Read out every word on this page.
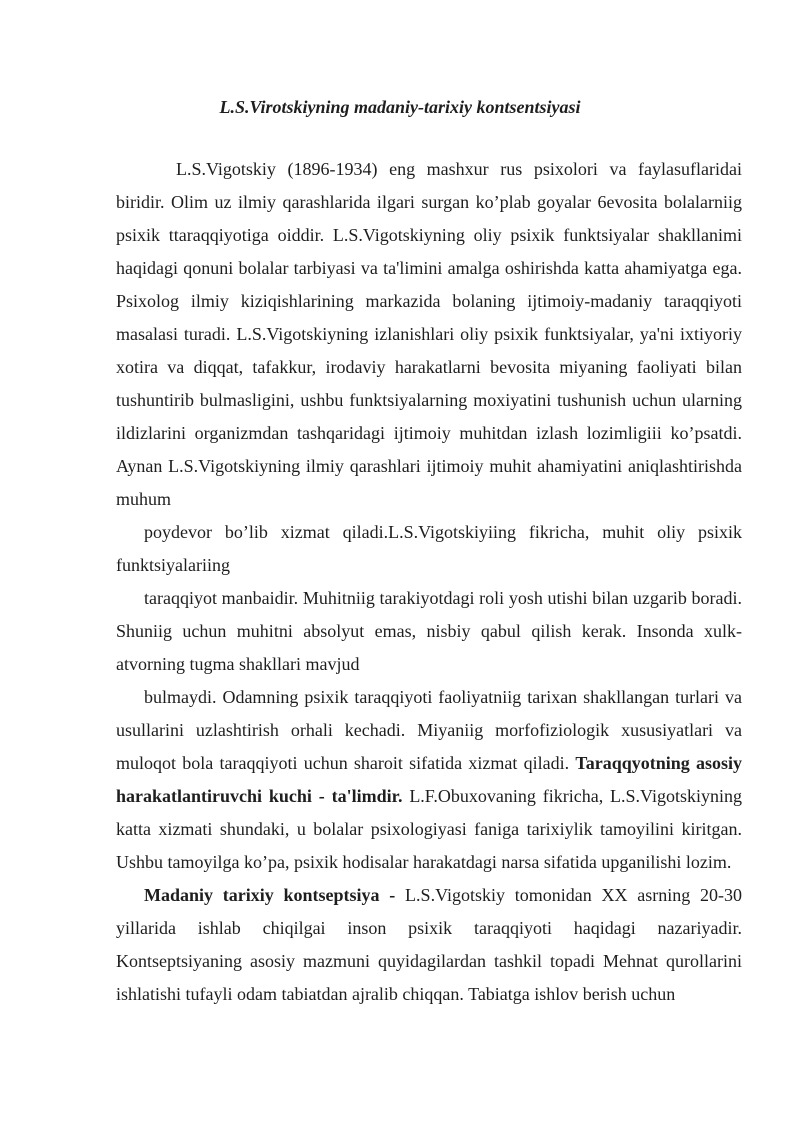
L.S.Virotskiyning madaniy-tarixiy kontsentsiyasi

L.S.Vigotskiy (1896-1934) eng mashxur rus psixolori va faylasuflaridai biridir. Olim uz ilmiy qarashlarida ilgari surgan ko’plab goyalar 6evosita bolalarniig psixik ttaraqqiyotiga oiddir. L.S.Vigotskiyning oliy psixik funktsiyalar shakllanimi haqidagi qonuni bolalar tarbiyasi va ta'limini amalga oshirishda katta ahamiyatga ega. Psixolog ilmiy kiziqishlarining markazida bolaning ijtimoiy-madaniy taraqqiyoti masalasi turadi. L.S.Vigotskiyning izlanishlari oliy psixik funktsiyalar, ya'ni ixtiyoriy xotira va diqqat, tafakkur, irodaviy harakatlarni bevosita miyaning faoliyati bilan tushuntirib bulmasligini, ushbu funktsiyalarning moxiyatini tushunish uchun ularning ildizlarini organizmdan tashqaridagi ijtimoiy muhitdan izlash lozimligiii ko’psatdi. Aynan L.S.Vigotskiyning ilmiy qarashlari ijtimoiy muhit ahamiyatini aniqlashtirishda muhum

poydevor bo’lib xizmat qiladi.L.S.Vigotskiyiing fikricha, muhit oliy psixik funktsiyalariing

taraqqiyot manbaidir. Muhitniig tarakiyotdagi roli yosh utishi bilan uzgarib boradi. Shuniig uchun muhitni absolyut emas, nisbiy qabul qilish kerak. Insonda xulk-atvorning tugma shakllari mavjud

bulmaydi. Odamning psixik taraqqiyoti faoliyatniig tarixan shakllangan turlari va usullarini uzlashtirish orhali kechadi. Miyaniig morfofiziologik xususiyatlari va muloqot bola taraqqiyoti uchun sharoit sifatida xizmat qiladi. Taraqqyotning asosiy harakatlantiruvchi kuchi - ta'limdir. L.F.Obuxovaning fikricha, L.S.Vigotskiyning katta xizmati shundaki, u bolalar psixologiyasi faniga tarixiylik tamoyilini kiritgan. Ushbu tamoyilga ko’pa, psixik hodisalar harakatdagi narsa sifatida upganilishi lozim.

Madaniy tarixiy kontseptsiya - L.S.Vigotskiy tomonidan XX asrning 20-30 yillarida ishlab chiqilgai inson psixik taraqqiyoti haqidagi nazariyadir. Kontseptsiyaning asosiy mazmuni quyidagilardan tashkil topadi Mehnat qurollarini ishlatishi tufayli odam tabiatdan ajralib chiqqan. Tabiatga ishlov berish uchun
